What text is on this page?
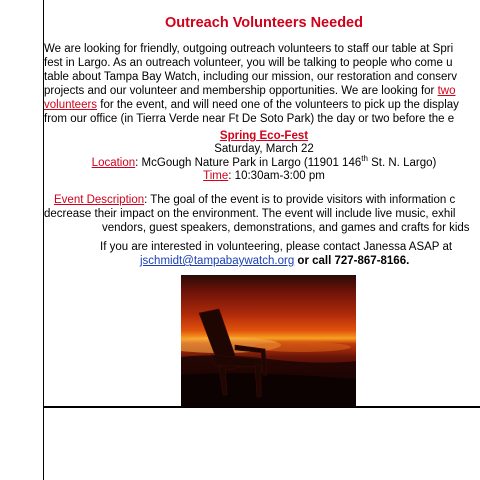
Outreach Volunteers Needed
We are looking for friendly, outgoing outreach volunteers to staff our table at Spri
fest in Largo. As an outreach volunteer, you will be talking to people who come u
table about Tampa Bay Watch, including our mission, our restoration and conserv
projects and our volunteer and membership opportunities. We are looking for two
volunteers for the event, and will need one of the volunteers to pick up the display
from our office (in Tierra Verde near Ft De Soto Park) the day or two before the e
Spring Eco-Fest
Saturday, March 22
Location: McGough Nature Park in Largo (11901 146th St. N. Largo)
Time: 10:30am-3:00 pm
Event Description: The goal of the event is to provide visitors with information c
decrease their impact on the environment. The event will include live music, exhil
vendors, guest speakers, demonstrations, and games and crafts for kids
If you are interested in volunteering, please contact Janessa ASAP at
jschmidt@tampabaywatch.org or call 727-867-8166.
